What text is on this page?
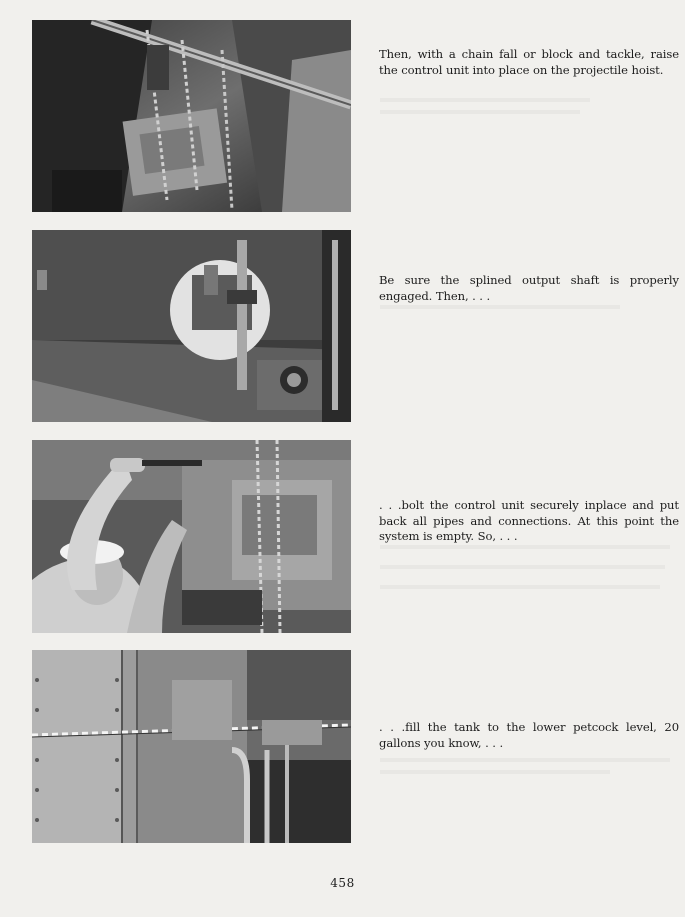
Then, with a chain fall or block and tackle, raise the control unit into place on the projectile hoist.
Be sure the splined output shaft is properly engaged. Then, . . .
. . .bolt the control unit securely inplace and put back all pipes and connections. At this point the system is empty. So, . . .
. . .fill the tank to the lower petcock level, 20 gallons you know, . . .
458
